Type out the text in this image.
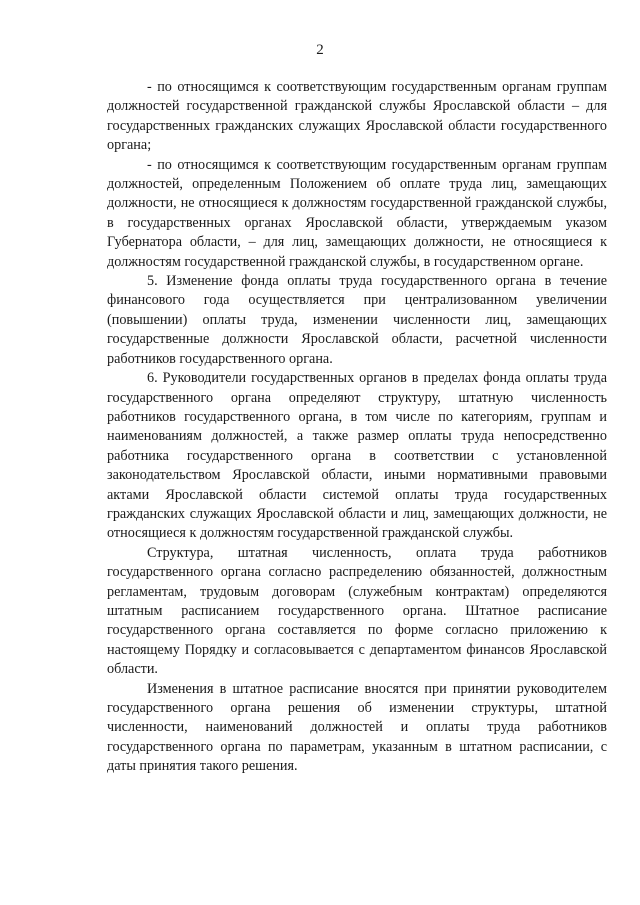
2

- по относящимся к соответствующим государственным органам группам должностей государственной гражданской службы Ярославской области – для государственных гражданских служащих Ярославской области государственного органа;

- по относящимся к соответствующим государственным органам группам должностей, определенным Положением об оплате труда лиц, замещающих должности, не относящиеся к должностям государственной гражданской службы, в государственных органах Ярославской области, утверждаемым указом Губернатора области, – для лиц, замещающих должности, не относящиеся к должностям государственной гражданской службы, в государственном органе.

5. Изменение фонда оплаты труда государственного органа в течение финансового года осуществляется при централизованном увеличении (повышении) оплаты труда, изменении численности лиц, замещающих государственные должности Ярославской области, расчетной численности работников государственного органа.

6. Руководители государственных органов в пределах фонда оплаты труда государственного органа определяют структуру, штатную численность работников государственного органа, в том числе по категориям, группам и наименованиям должностей, а также размер оплаты труда непосредственно работника государственного органа в соответствии с установленной законодательством Ярославской области, иными нормативными правовыми актами Ярославской области системой оплаты труда государственных гражданских служащих Ярославской области и лиц, замещающих должности, не относящиеся к должностям государственной гражданской службы.

Структура, штатная численность, оплата труда работников государственного органа согласно распределению обязанностей, должностным регламентам, трудовым договорам (служебным контрактам) определяются штатным расписанием государственного органа. Штатное расписание государственного органа составляется по форме согласно приложению к настоящему Порядку и согласовывается с департаментом финансов Ярославской области.

Изменения в штатное расписание вносятся при принятии руководителем государственного органа решения об изменении структуры, штатной численности, наименований должностей и оплаты труда работников государственного органа по параметрам, указанным в штатном расписании, с даты принятия такого решения.
